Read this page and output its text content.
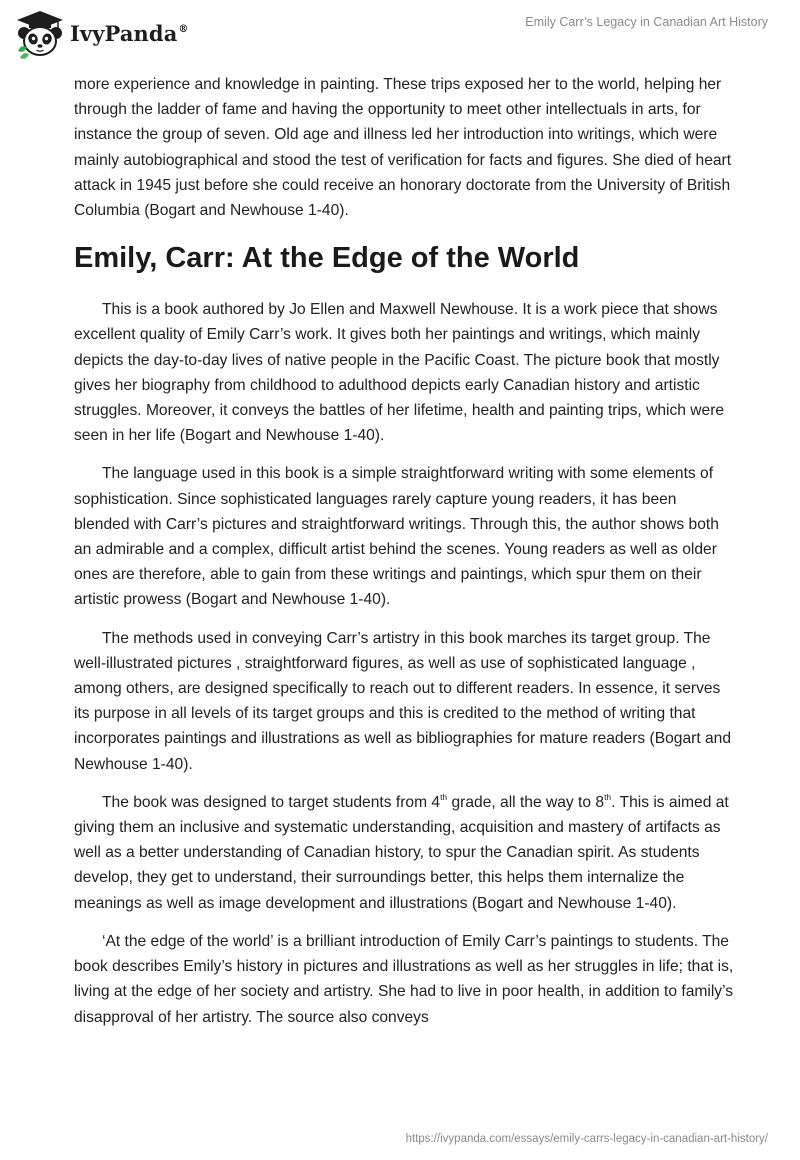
IvyPanda®	Emily Carr’s Legacy in Canadian Art History

more experience and knowledge in painting. These trips exposed her to the world, helping her through the ladder of fame and having the opportunity to meet other intellectuals in arts, for instance the group of seven. Old age and illness led her introduction into writings, which were mainly autobiographical and stood the test of verification for facts and figures. She died of heart attack in 1945 just before she could receive an honorary doctorate from the University of British Columbia (Bogart and Newhouse 1-40).

Emily, Carr: At the Edge of the World

This is a book authored by Jo Ellen and Maxwell Newhouse. It is a work piece that shows excellent quality of Emily Carr’s work. It gives both her paintings and writings, which mainly depicts the day-to-day lives of native people in the Pacific Coast. The picture book that mostly gives her biography from childhood to adulthood depicts early Canadian history and artistic struggles. Moreover, it conveys the battles of her lifetime, health and painting trips, which were seen in her life (Bogart and Newhouse 1-40).

The language used in this book is a simple straightforward writing with some elements of sophistication. Since sophisticated languages rarely capture young readers, it has been blended with Carr’s pictures and straightforward writings. Through this, the author shows both an admirable and a complex, difficult artist behind the scenes. Young readers as well as older ones are therefore, able to gain from these writings and paintings, which spur them on their artistic prowess (Bogart and Newhouse 1-40).

The methods used in conveying Carr’s artistry in this book marches its target group. The well-illustrated pictures , straightforward figures, as well as use of sophisticated language , among others, are designed specifically to reach out to different readers. In essence, it serves its purpose in all levels of its target groups and this is credited to the method of writing that incorporates paintings and illustrations as well as bibliographies for mature readers (Bogart and Newhouse 1-40).

The book was designed to target students from 4th grade, all the way to 8th. This is aimed at giving them an inclusive and systematic understanding, acquisition and mastery of artifacts as well as a better understanding of Canadian history, to spur the Canadian spirit. As students develop, they get to understand, their surroundings better, this helps them internalize the meanings as well as image development and illustrations (Bogart and Newhouse 1-40).

‘At the edge of the world’ is a brilliant introduction of Emily Carr’s paintings to students. The book describes Emily’s history in pictures and illustrations as well as her struggles in life; that is, living at the edge of her society and artistry. She had to live in poor health, in addition to family’s disapproval of her artistry. The source also conveys

https://ivypanda.com/essays/emily-carrs-legacy-in-canadian-art-history/
